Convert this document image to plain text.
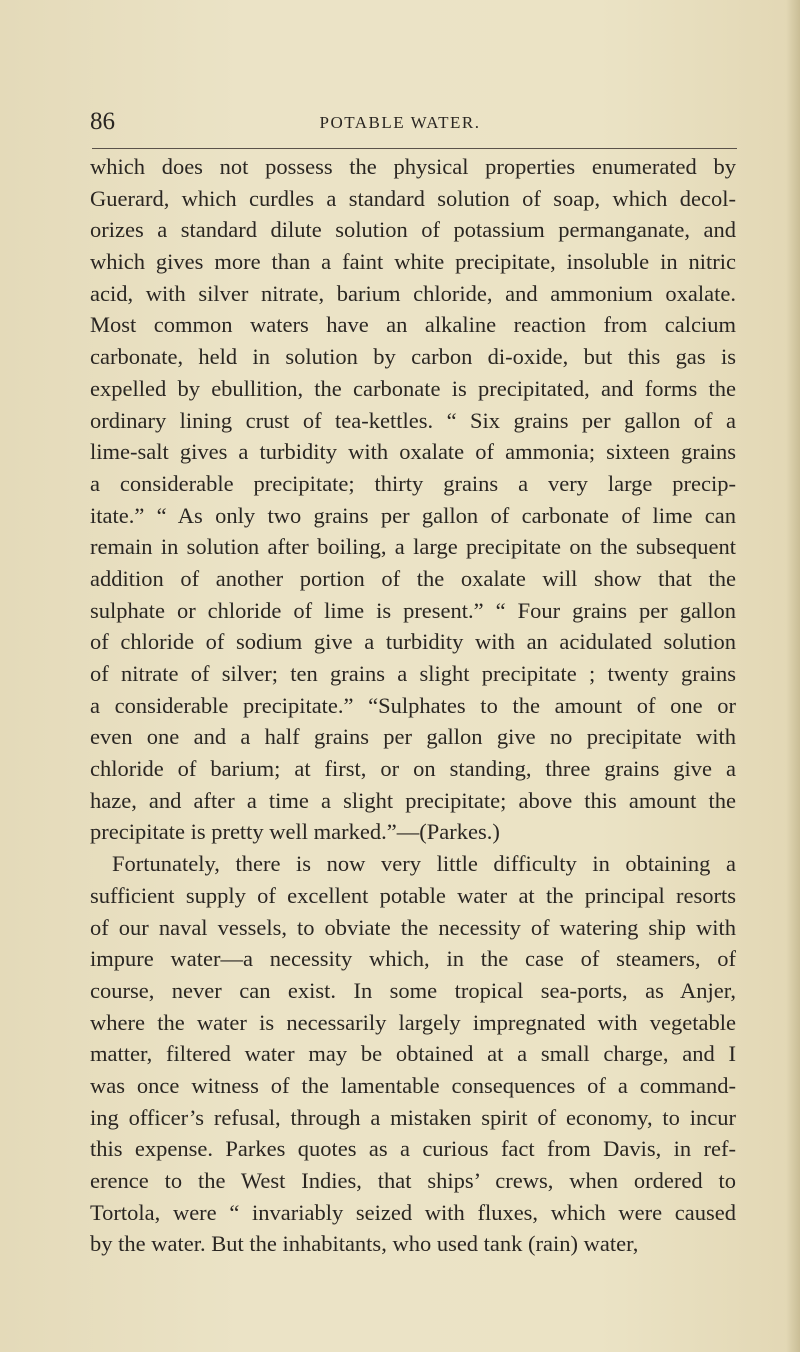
86	POTABLE WATER.
which does not possess the physical properties enumerated by
Guerard, which curdles a standard solution of soap, which decol-
orizes a standard dilute solution of potassium permanganate, and
which gives more than a faint white precipitate, insoluble in nitric
acid, with silver nitrate, barium chloride, and ammonium oxalate.
Most common waters have an alkaline reaction from calcium
carbonate, held in solution by carbon di-oxide, but this gas is
expelled by ebullition, the carbonate is precipitated, and forms the
ordinary lining crust of tea-kettles. “ Six grains per gallon of a
lime-salt gives a turbidity with oxalate of ammonia; sixteen grains
a considerable precipitate; thirty grains a very large precip-
itate.” “ As only two grains per gallon of carbonate of lime can
remain in solution after boiling, a large precipitate on the subsequent
addition of another portion of the oxalate will show that the
sulphate or chloride of lime is present.” “ Four grains per gallon
of chloride of sodium give a turbidity with an acidulated solution
of nitrate of silver; ten grains a slight precipitate ; twenty grains
a considerable precipitate.” “Sulphates to the amount of one or
even one and a half grains per gallon give no precipitate with
chloride of barium; at first, or on standing, three grains give a
haze, and after a time a slight precipitate; above this amount the
precipitate is pretty well marked.”—(Parkes.)
Fortunately, there is now very little difficulty in obtaining a
sufficient supply of excellent potable water at the principal resorts
of our naval vessels, to obviate the necessity of watering ship with
impure water—a necessity which, in the case of steamers, of
course, never can exist. In some tropical sea-ports, as Anjer,
where the water is necessarily largely impregnated with vegetable
matter, filtered water may be obtained at a small charge, and I
was once witness of the lamentable consequences of a command-
ing officer’s refusal, through a mistaken spirit of economy, to incur
this expense. Parkes quotes as a curious fact from Davis, in ref-
erence to the West Indies, that ships’ crews, when ordered to
Tortola, were “ invariably seized with fluxes, which were caused
by the water. But the inhabitants, who used tank (rain) water,
